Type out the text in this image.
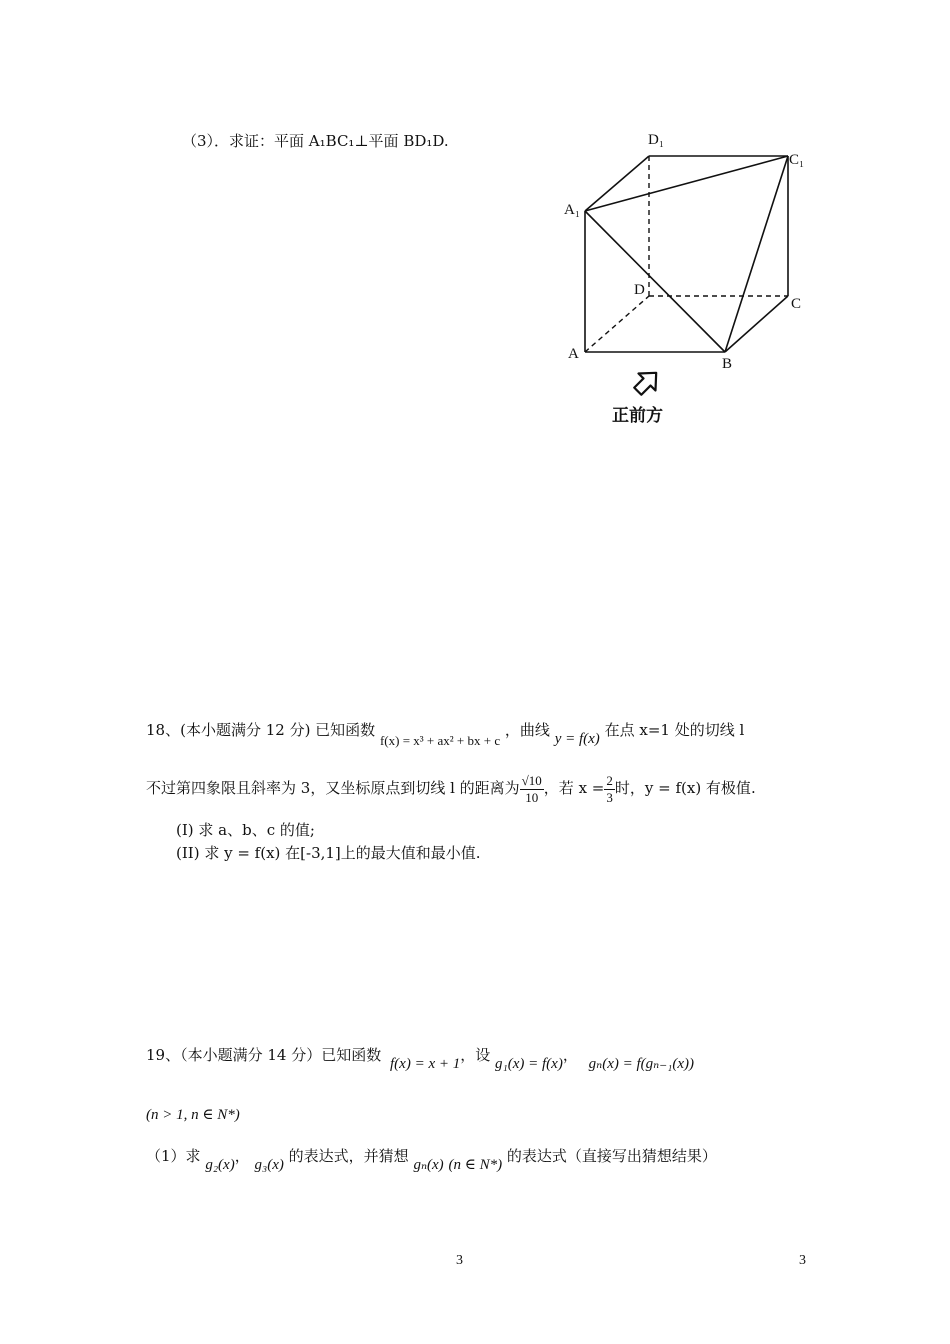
（3）．求证：平面 A₁BC₁⊥平面 BD₁D.	D₁
C₁
A₁
D
C
A
B
正前方
18、(本小题满分 12 分) 已知函数 f(x) = x³ + ax² + bx + c ，曲线 y = f(x) 在点 x=1 处的切线 l
不过第四象限且斜率为 3，又坐标原点到切线 l 的距离为 $\frac{√10}{10}$ ，若 $x = \frac{2}{3}$ 时，y = f(x) 有极值.
(I) 求 a、b、c 的值;
(II) 求 y = f(x) 在[-3,1]上的最大值和最小值.
19、（本小题满分 14 分）已知函数 f(x) = x + 1，设 g₁(x) = f(x)， gₙ(x) = f(gₙ₋₁(x))
(n > 1, n ∈ N*)
（1）求 g₂(x)， g₃(x) 的表达式，并猜想 gₙ(x) (n ∈ N*) 的表达式（直接写出猜想结果）
3	3
